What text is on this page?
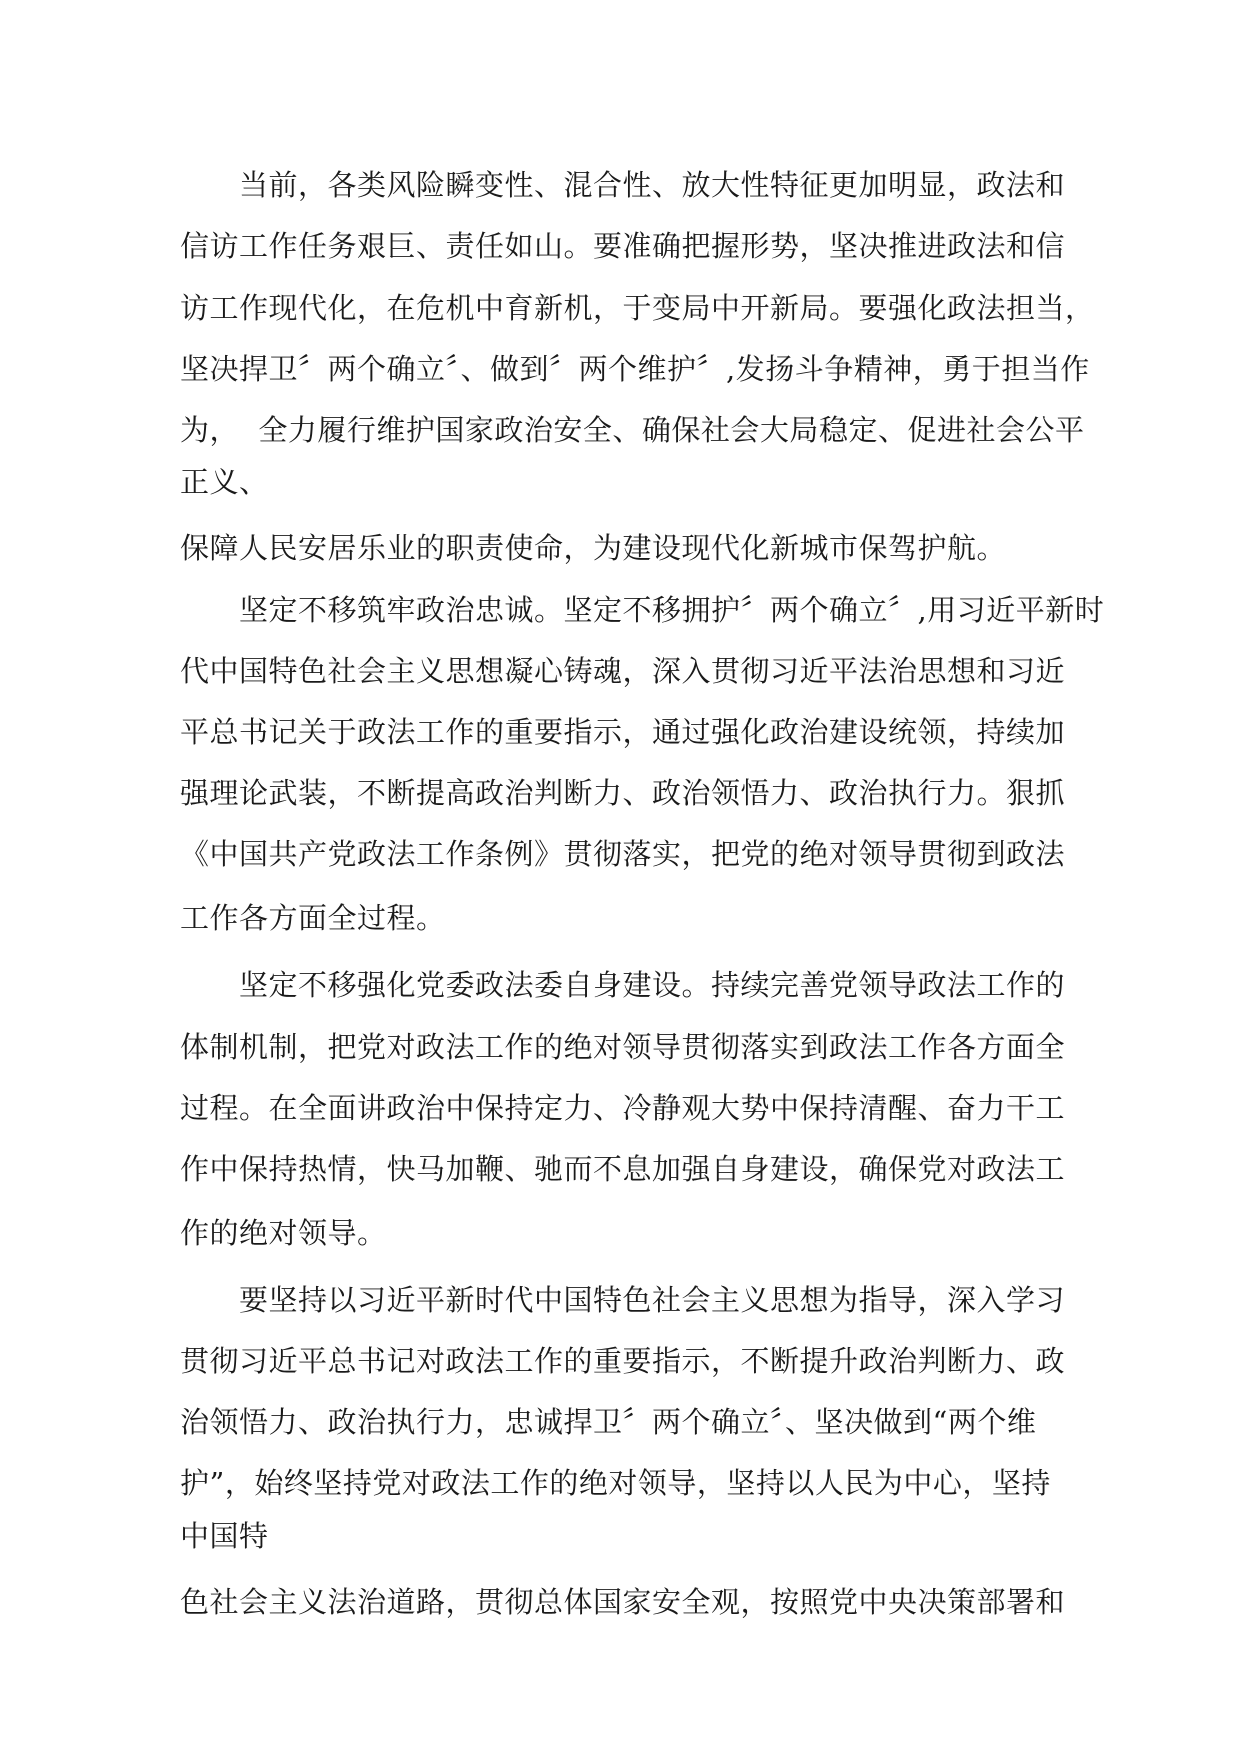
　　当前，各类风险瞬变性、混合性、放大性特征更加明显，政法和
信访工作任务艰巨、责任如山。要准确把握形势，坚决推进政法和信
访工作现代化，在危机中育新机，于变局中开新局。要强化政法担当，
坚决捍卫〞两个确立〞、做到〞两个维护〞,发扬斗争精神，勇于担当作
为，  全力履行维护国家政治安全、确保社会大局稳定、促进社会公平
正义、
保障人民安居乐业的职责使命，为建设现代化新城市保驾护航。
　　坚定不移筑牢政治忠诚。坚定不移拥护〞两个确立〞,用习近平新时
代中国特色社会主义思想凝心铸魂，深入贯彻习近平法治思想和习近
平总书记关于政法工作的重要指示，通过强化政治建设统领，持续加
强理论武装，不断提高政治判断力、政治领悟力、政治执行力。狠抓
《中国共产党政法工作条例》贯彻落实，把党的绝对领导贯彻到政法
工作各方面全过程。
　　坚定不移强化党委政法委自身建设。持续完善党领导政法工作的
体制机制，把党对政法工作的绝对领导贯彻落实到政法工作各方面全
过程。在全面讲政治中保持定力、冷静观大势中保持清醒、奋力干工
作中保持热情，快马加鞭、驰而不息加强自身建设，确保党对政法工
作的绝对领导。
　　要坚持以习近平新时代中国特色社会主义思想为指导，深入学习
贯彻习近平总书记对政法工作的重要指示，不断提升政治判断力、政
治领悟力、政治执行力，忠诚捍卫〞两个确立〞、坚决做到“两个维
护”，始终坚持党对政法工作的绝对领导，坚持以人民为中心，坚持
中国特
色社会主义法治道路，贯彻总体国家安全观，按照党中央决策部署和
